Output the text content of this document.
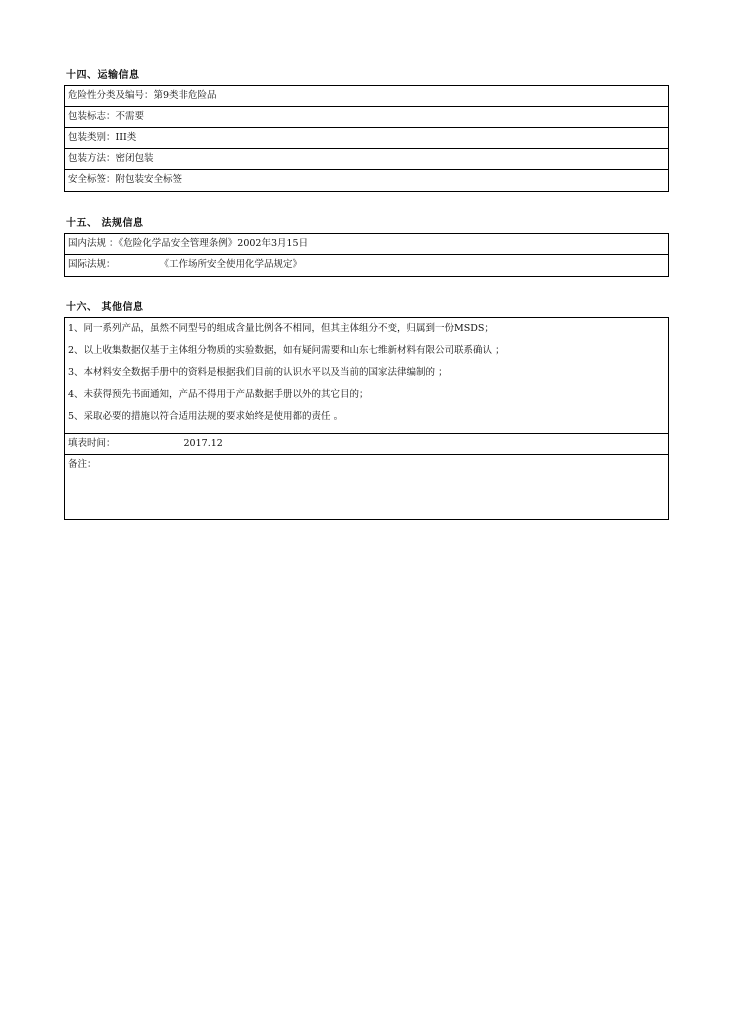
十四、运输信息
危险性分类及编号：第9类非危险品
包装标志：不需要
包装类别：III类
包装方法：密闭包装
安全标签：附包装安全标签
十五、 法规信息
国内法规 ：《危险化学品安全管理条例》2002年3月15日
国际法规：	《工作场所安全使用化学品规定》
十六、 其他信息
1、同一系列产品，虽然不同型号的组成含量比例各不相同，但其主体组分不变，归属到一份MSDS；
2、以上收集数据仅基于主体组分物质的实验数据，如有疑问需要和山东七维新材料有限公司联系确认 ；
3、本材料安全数据手册中的资料是根据我们目前的认识水平以及当前的国家法律编制的 ；
4、未获得预先书面通知，产品不得用于产品数据手册以外的其它目的；
5、采取必要的措施以符合适用法规的要求始终是使用都的责任 。
填表时间：	2017.12
备注：
